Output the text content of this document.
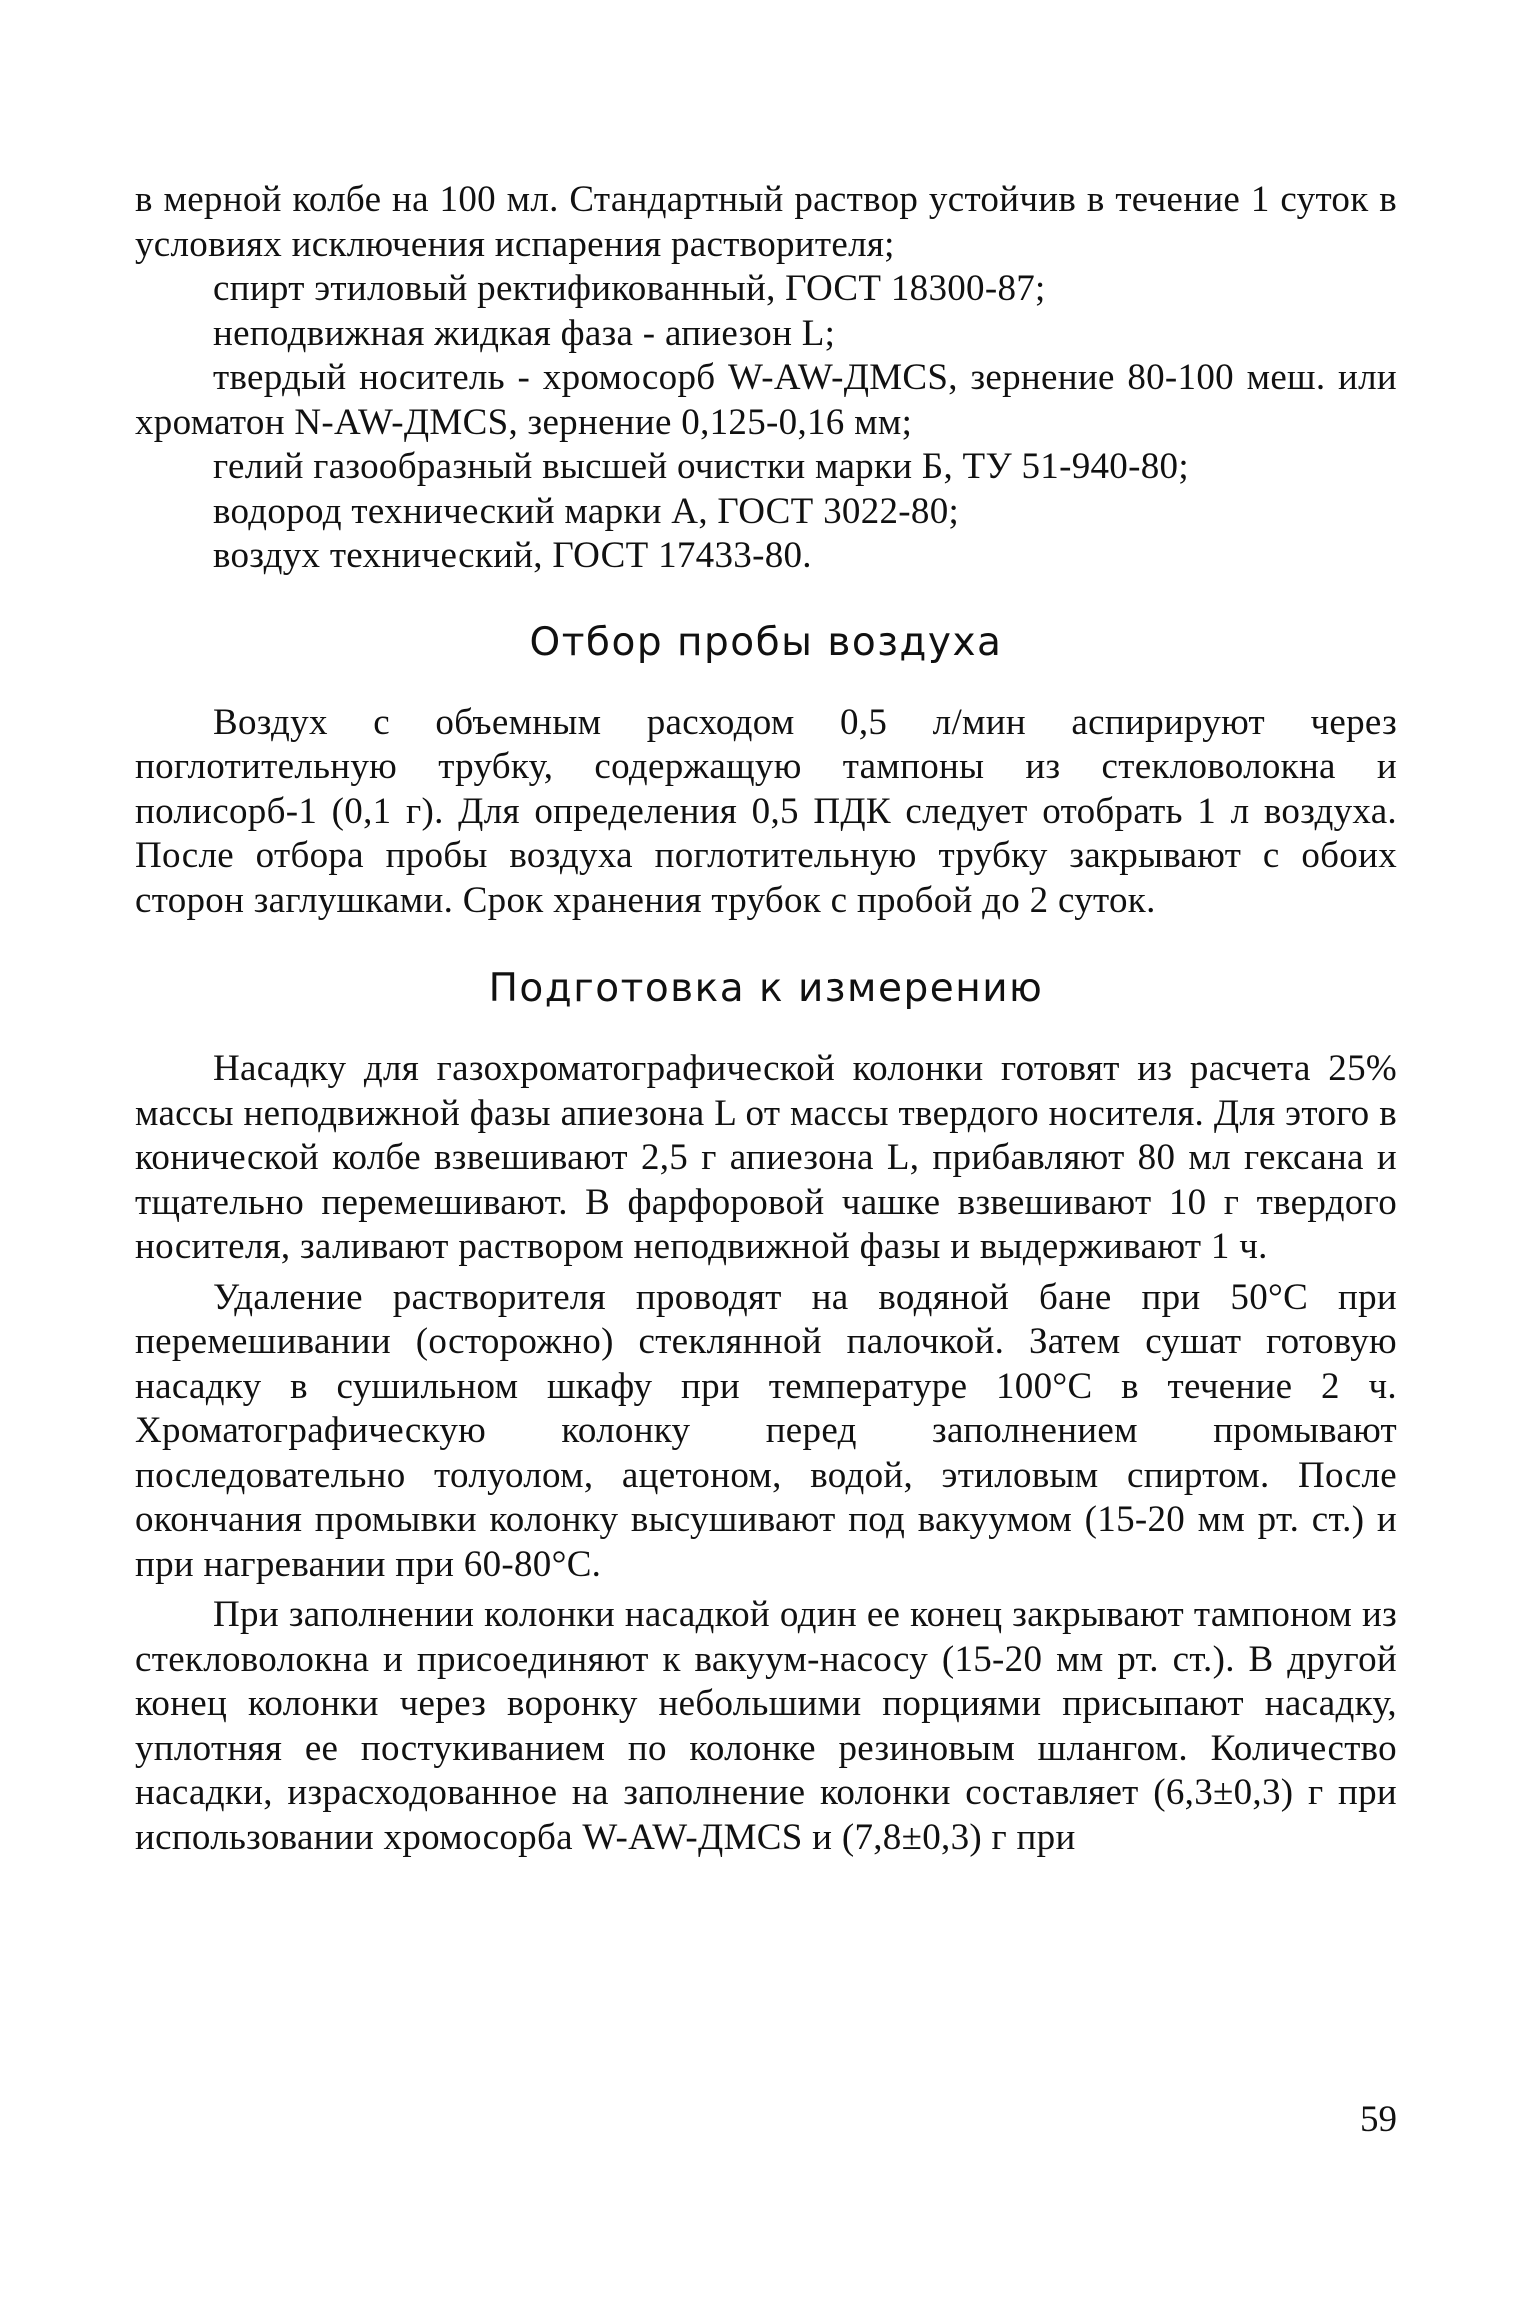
в мерной колбе на 100 мл. Стандартный раствор устойчив в течение 1 суток в условиях исключения испарения растворителя;

спирт этиловый ректификованный, ГОСТ 18300-87;

неподвижная жидкая фаза - апиезон L;

твердый носитель - хромосорб W-AW-ДМCS, зернение 80-100 меш. или хроматон N-AW-ДМCS, зернение 0,125-0,16 мм;

гелий газообразный высшей очистки марки Б, ТУ 51-940-80;

водород технический марки А, ГОСТ 3022-80;

воздух технический, ГОСТ 17433-80.

Отбор пробы воздуха

Воздух с объемным расходом 0,5 л/мин аспирируют через поглотительную трубку, содержащую тампоны из стекловолокна и полисорб-1 (0,1 г). Для определения 0,5 ПДК следует отобрать 1 л воздуха. После отбора пробы воздуха поглотительную трубку закрывают с обоих сторон заглушками. Срок хранения трубок с пробой до 2 суток.

Подготовка к измерению

Насадку для газохроматографической колонки готовят из расчета 25% массы неподвижной фазы апиезона L от массы твердого носителя. Для этого в конической колбе взвешивают 2,5 г апиезона L, прибавляют 80 мл гексана и тщательно перемешивают. В фарфоровой чашке взвешивают 10 г твердого носителя, заливают раствором неподвижной фазы и выдерживают 1 ч.

Удаление растворителя проводят на водяной бане при 50°С при перемешивании (осторожно) стеклянной палочкой. Затем сушат готовую насадку в сушильном шкафу при температуре 100°С в течение 2 ч. Хроматографическую колонку перед заполнением промывают последовательно толуолом, ацетоном, водой, этиловым спиртом. После окончания промывки колонку высушивают под вакуумом (15-20 мм рт. ст.) и при нагревании при 60-80°С.

При заполнении колонки насадкой один ее конец закрывают тампоном из стекловолокна и присоединяют к вакуум-насосу (15-20 мм рт. ст.). В другой конец колонки через воронку небольшими порциями присыпают насадку, уплотняя ее постукиванием по колонке резиновым шлангом. Количество насадки, израсходованное на заполнение колонки составляет (6,3±0,3) г при использовании хромосорба W-AW-ДМCS и (7,8±0,3) г при

59
